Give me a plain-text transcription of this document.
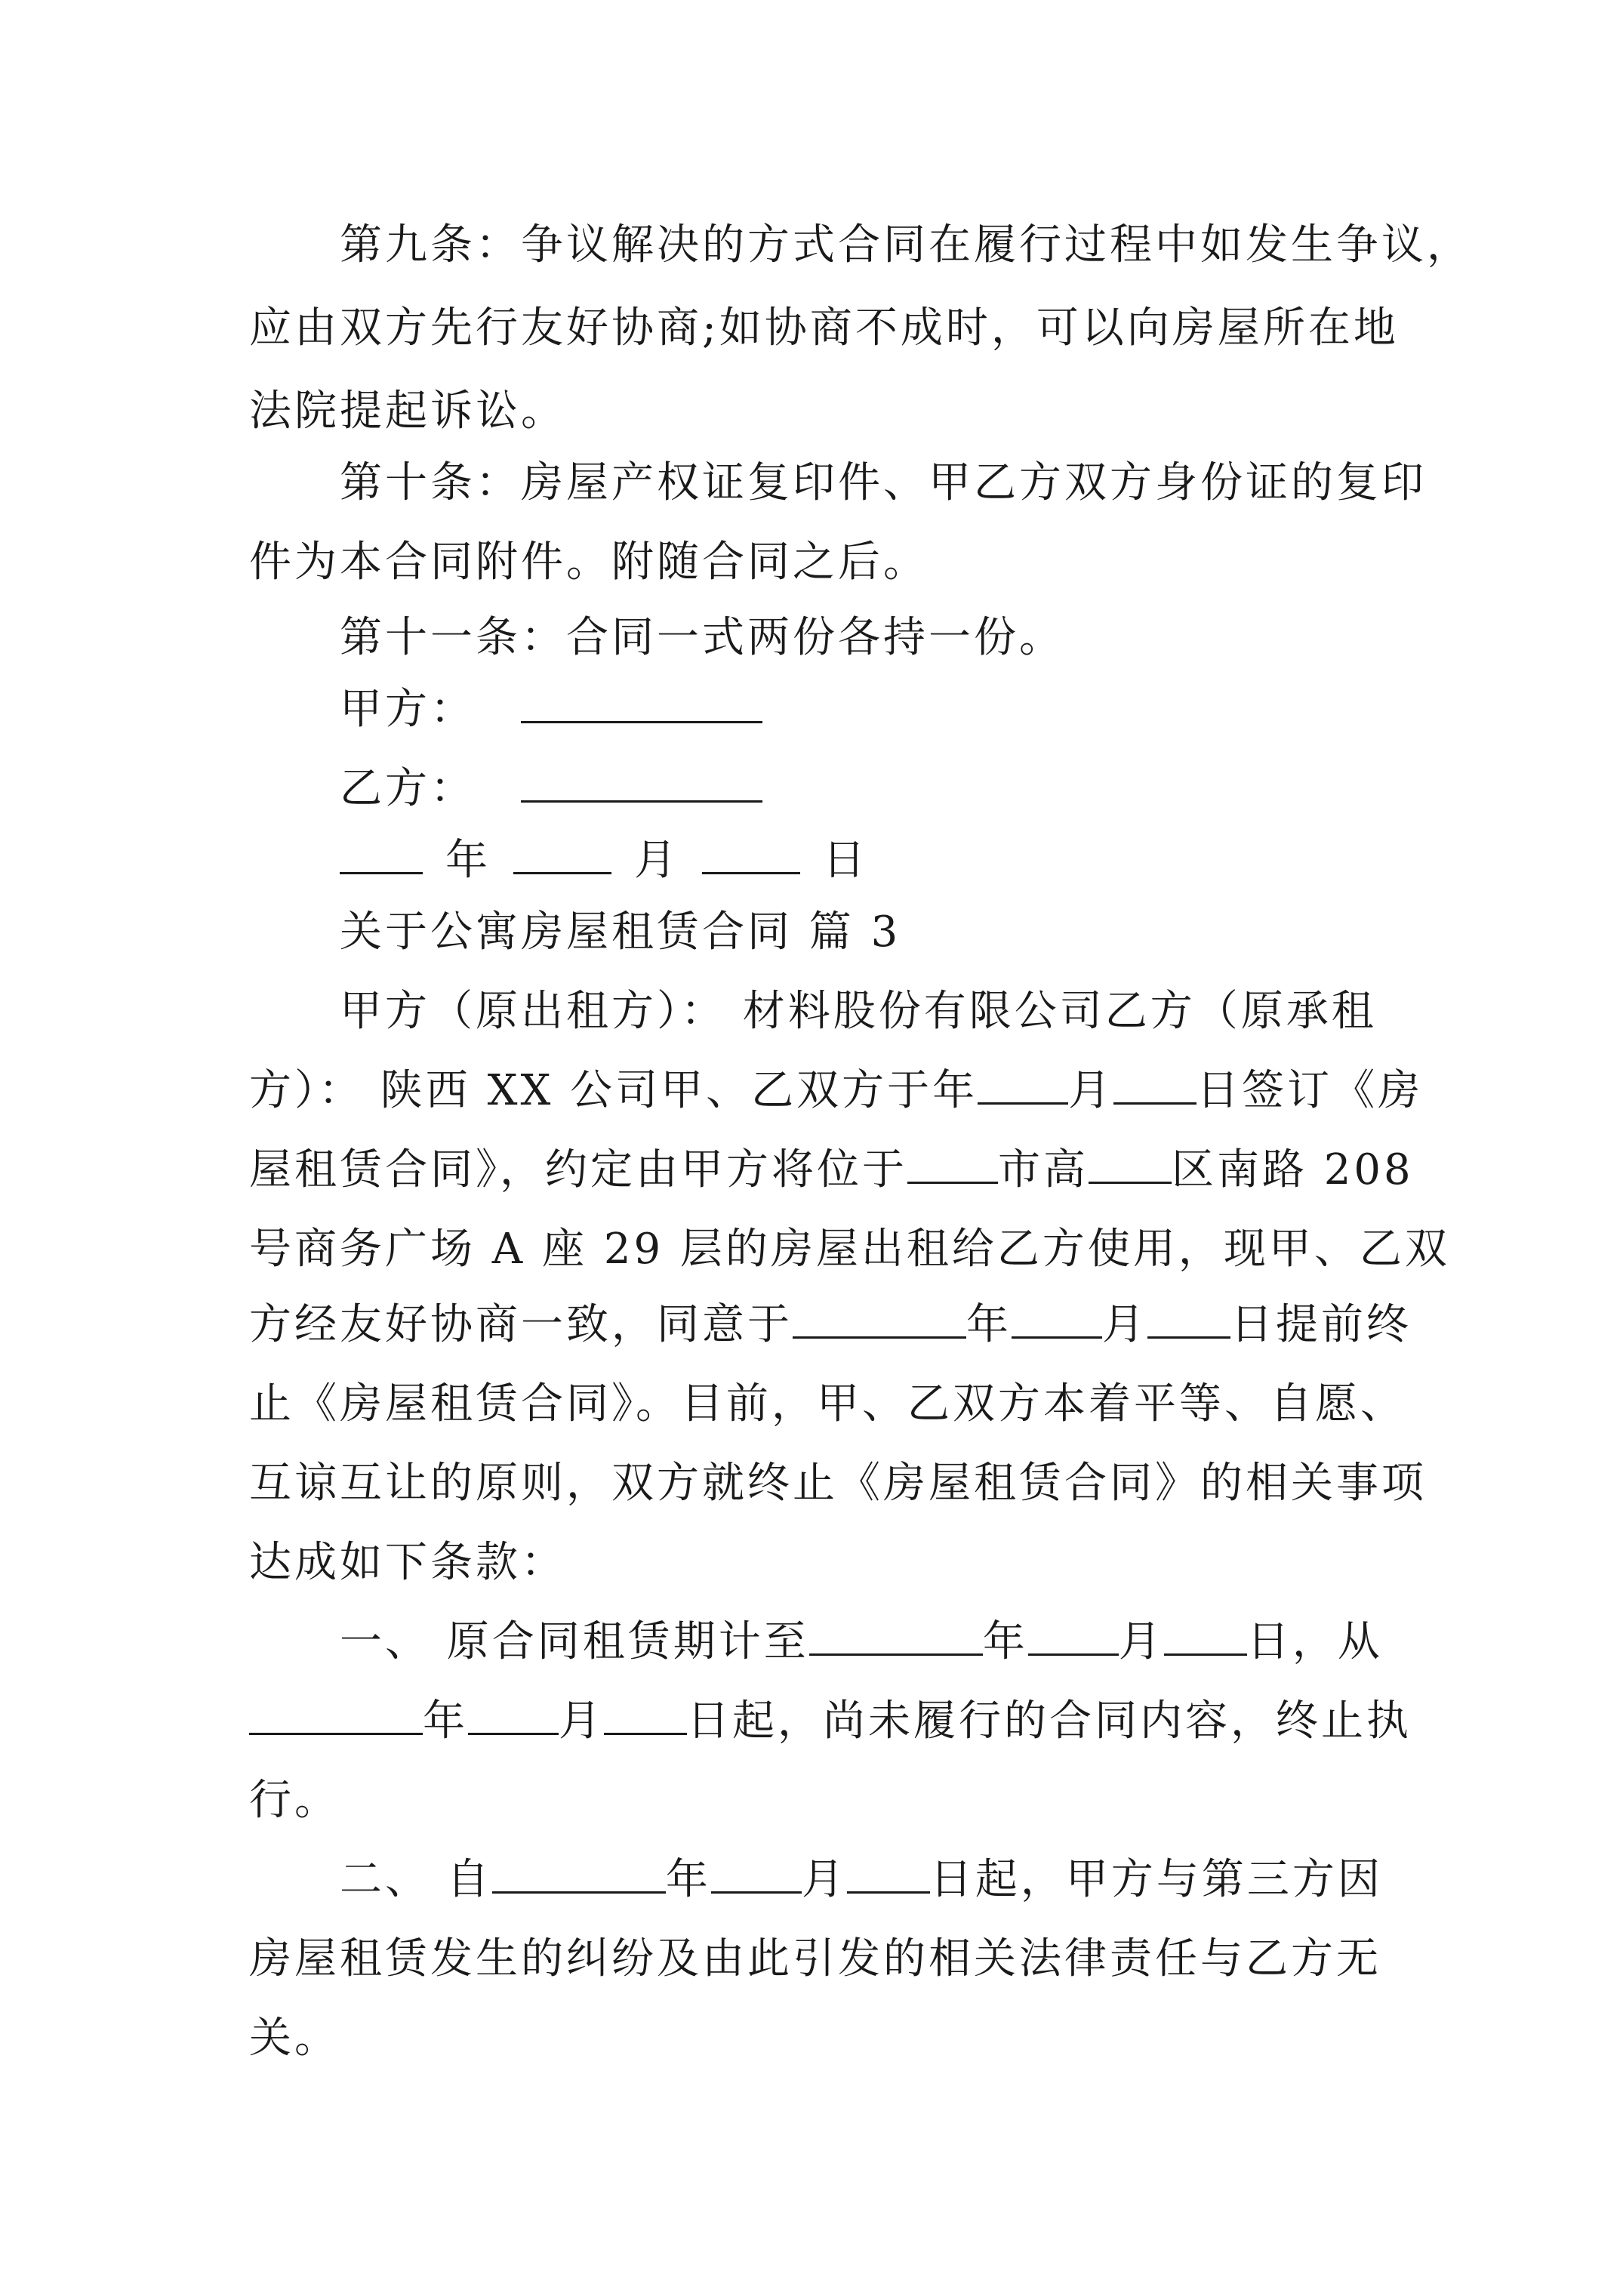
第九条：争议解决的方式合同在履行过程中如发生争议，
应由双方先行友好协商;如协商不成时，可以向房屋所在地
法院提起诉讼。
第十条：房屋产权证复印件、甲乙方双方身份证的复印
件为本合同附件。附随合同之后。
第十一条：合同一式两份各持一份。
甲方：
乙方：
年	月	日
关于公寓房屋租赁合同 篇 3
甲方（原出租方）： 材料股份有限公司乙方（原承租
方）： 陕西 XX 公司甲、乙双方于年 月 日签订《房
屋租赁合同》，约定由甲方将位于 市高 区南路 208
号商务广场 A 座 29 层的房屋出租给乙方使用，现甲、乙双
方经友好协商一致，同意于	年 月 日提前终
止《房屋租赁合同》。目前，甲、乙双方本着平等、自愿、
互谅互让的原则，双方就终止《房屋租赁合同》的相关事项
达成如下条款：
一、 原合同租赁期计至	年 月 日，从
年 月 日起，尚未履行的合同内容，终止执
行。
二、 自	年 月 日起，甲方与第三方因
房屋租赁发生的纠纷及由此引发的相关法律责任与乙方无
关。
